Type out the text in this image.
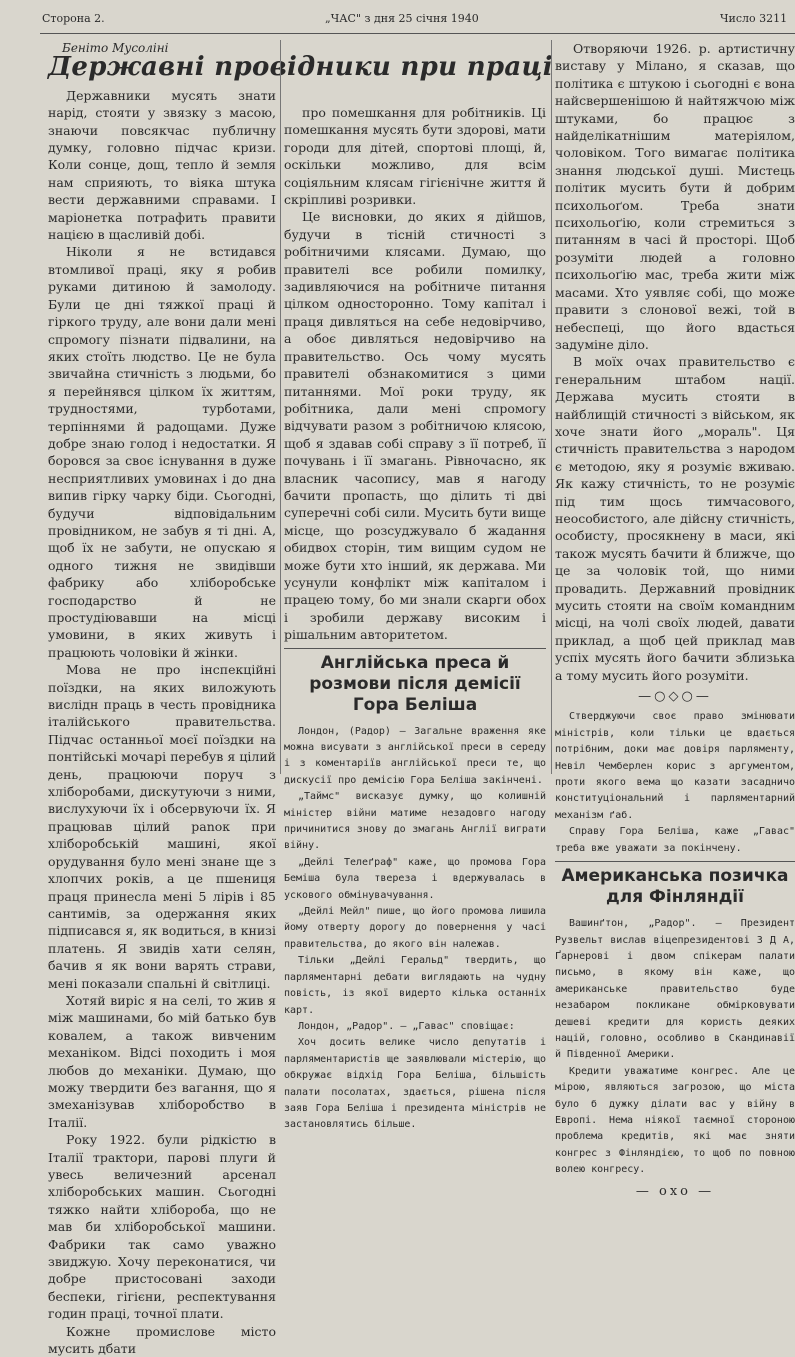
Сторона 2.	„ЧАС" з дня 25 січня 1940	Число 3211
Беніто Мусоліні
Державні провідники при праці

Державники мусять знати нарід, стояти у звязку з масою, знаючи повсякчас публичну думку, головно підчас кризи. Коли сонце, дощ, тепло й земля нам сприяють, то віяка штука вести державними справами. І маріонетка потрафить правити нацією в щасливій добі.

Ніколи я не встидався втомливої праці, яку я робив руками дитиною й замолоду. Були це дні тяжкої праці й гіркого труду, але вони дали мені спромогу пізнати підвалини, на яких стоїть людство. Це не була звичайна стичність з людьми, бо я перейнявся цілком їх життям, трудностями, турботами, терпіннями й радощами. Дуже добре знаю голод і недостатки. Я боровся за своє існування в дуже несприятливих умовинах і до дна випив гірку чарку біди. Сьогодні, будучи відповідальним провідником, не забув я ті дні. А, щоб їх не забути, не опускаю я одного тижня не звидівши фабрику або хліборобське господарство й не простудіювавши на місці умовини, в яких живуть і працюють чоловіки й жінки.

Мова не про інспекційні поїздки, на яких виложують вислідн праць в честь провідника італійського правительства. Підчас останньої моєї поїздки на понтійські мочарі перебув я цілий день, працюючи поруч з хліборобами, дискутуючи з ними, вислухуючи їх і обсервуючи їх. Я працював цілий раnок при хліборобській машині, якої орудування було мені знане ще з хлопчих років, а це пшениця праця принесла мені 5 лірів і 85 сантимів, за одержання яких підписався я, як водиться, в книзі платень. Я звидів хати селян, бачив я як вони варять страви, мені показали спальні й світлиці.

Хотяй виріс я на селі, то жив я між машинами, бо мій батько був ковалем, а також вивченим механіком. Відсі походить і моя любов до механіки. Думаю, що можу твердити без вагання, що я змеханізував хліборобство в Італії.

Року 1922. були рідкістю в Італії трактори, парові плуги й увесь величезний арсенал хліборобських машин. Сьогодні тяжко найти хлібороба, що не мав би хліборобської машини. Фабрики так само уважно звиджую. Хочу переконатися, чи добре пристосовані заходи беспеки, гігієни, респектування годин праці, точної плати.

Кожне промислове місто мусить дбати

про помешкання для робітників. Ці помешкання мусять бути здорові, мати городи для дітей, спортові площі, й, оскільки можливо, для всім соціяльним клясам гігієнічне життя й скріпливі розривки.

Це висновки, до яких я дійшов, будучи в тісній стичності з робітничими клясами. Думаю, що правителі все робили помилку, задивляючися на робітниче питання цілком односторонно. Тому капітал і праця дивляться на себе недовірчиво, а обоє дивляться недовірчиво на правительство. Ось чому мусять правителі обзнакомитися з цими питаннями. Мої роки труду, як робітника, дали мені спромогу відчувати разом з робітничою клясою, щоб я здавав собі справу з її потреб, її почувань і її змагань. Рівночасно, як власник часопису, мав я нагоду бачити пропасть, що ділить ті дві суперечні собі сили. Мусить бути вище місце, що розсуджувало б жадання обидвох сторін, тим вищим судом не може бути хто інший, як держава. Ми усунули конфлікт між капіталом і працею тому, бо ми знали скарги обох і зробили державу високим і рішальним авторитетом.

Англійська преса й розмови після демісії Гора Беліша

Лондон, (Радор) — Загальне враження яке можна висувати з англійської преси в середу і з коментаріїв англійської преси те, що дискусії про демісію Гора Беліша закінчені.

„Таймс" висказує думку, що колишній міністер війни матиме незадовго нагоду причинитися знову до змагань Англії виграти війну.

„Дейлі Телеґраф" каже, що промова Гора Беміша була тверезa і вдержувалась в ускового обмінувачування.

„Дейлі Мейл" пише, що його промова лишила йому отверту дорогу до повернення у часі правительства, до якого він належав.

Тільки „Дейлі Геральд" твердить, що парляментарні дебати виглядають на чудну повість, із якої видерто кілька останніх карт.

Лондон, „Радор". — „Гавас" сповіщає:

Хоч досить велике число депутатів і парляментаристів ще заявлювали містерію, що обкружає відхід Гора Беліша, більшість палати посолатах, здається, рішена після заяв Гора Беліша і президента міністрів не застановлятись більше.

Отворяючи 1926. р. артистичну виставу у Мілано, я сказав, що політика є штукою і сьогодні є вона найсвершенішою й найтяжчою між штуками, бо працює з найделікатнішим матеріялом, чоловіком. Того вимагає політика знання людської душі. Мистець політик мусить бути й добрим психольоґом. Треба знати психольоґію, коли стремиться з питанням в часі й простopі. Щоб розуміти людей а головно психольоґію мас, треба жити між масами. Хто уявляє собі, що може правити з слонової вежі, той в небеспеці, що його вдасться задуміне діло.

В моїх очах правительство є генеральним штабом нації. Держава мусить стояти в найблищій стичності з військом, як хоче знати його „мораль". Ця стичність правительства з народом є методою, яку я розуміє вживаю. Як кажу стичність, то не розуміє під тим щось тимчасового, неособистого, але дійсну стичність, особисту, просякнену в маси, які також мусять бачити й ближче, що це за чоловік той, що ними провадить. Державний провідник мусить стояти на своїм командним місці, на чолі своїх людей, давати приклад, а щоб цей приклад мав успіх мусять його бачити зблизька а тому мусить його розуміти.

—○◇○—

Стверджуючи своє право змінювати міністрів, коли тільки це вдається потрібним, доки має довіря парляменту, Невіл Чемберлен корис з аргументом, проти якого вема що казати засадничо конституціональний і парляментарний механізм ґаб.

Справу Гора Беліша, каже „Гавас" треба вже уважати за покінчену.

Американська позичка для Фінляндії

Вашинґтон, „Радор". — Президент Рузвельт вислав віцепрезидентові З Д А, Ґарнерові і двом спікерам палати письмо, в якому він каже, що американське правительство буде незабаром покликане обмірковувати дешеві кредити для користь деяких націй, головно, особливо в Скандинавії й Південної Америки.

Кредити уважатиме конгрес. Але це мірою, являються загрозою, що міста було б дужку ділати вас у війну в Европі. Нема ніякої таємної стороною проблема кредитів, які має зняти конгрес з Фінляндією, то щоб по повною волею конгресу.

— охо —
